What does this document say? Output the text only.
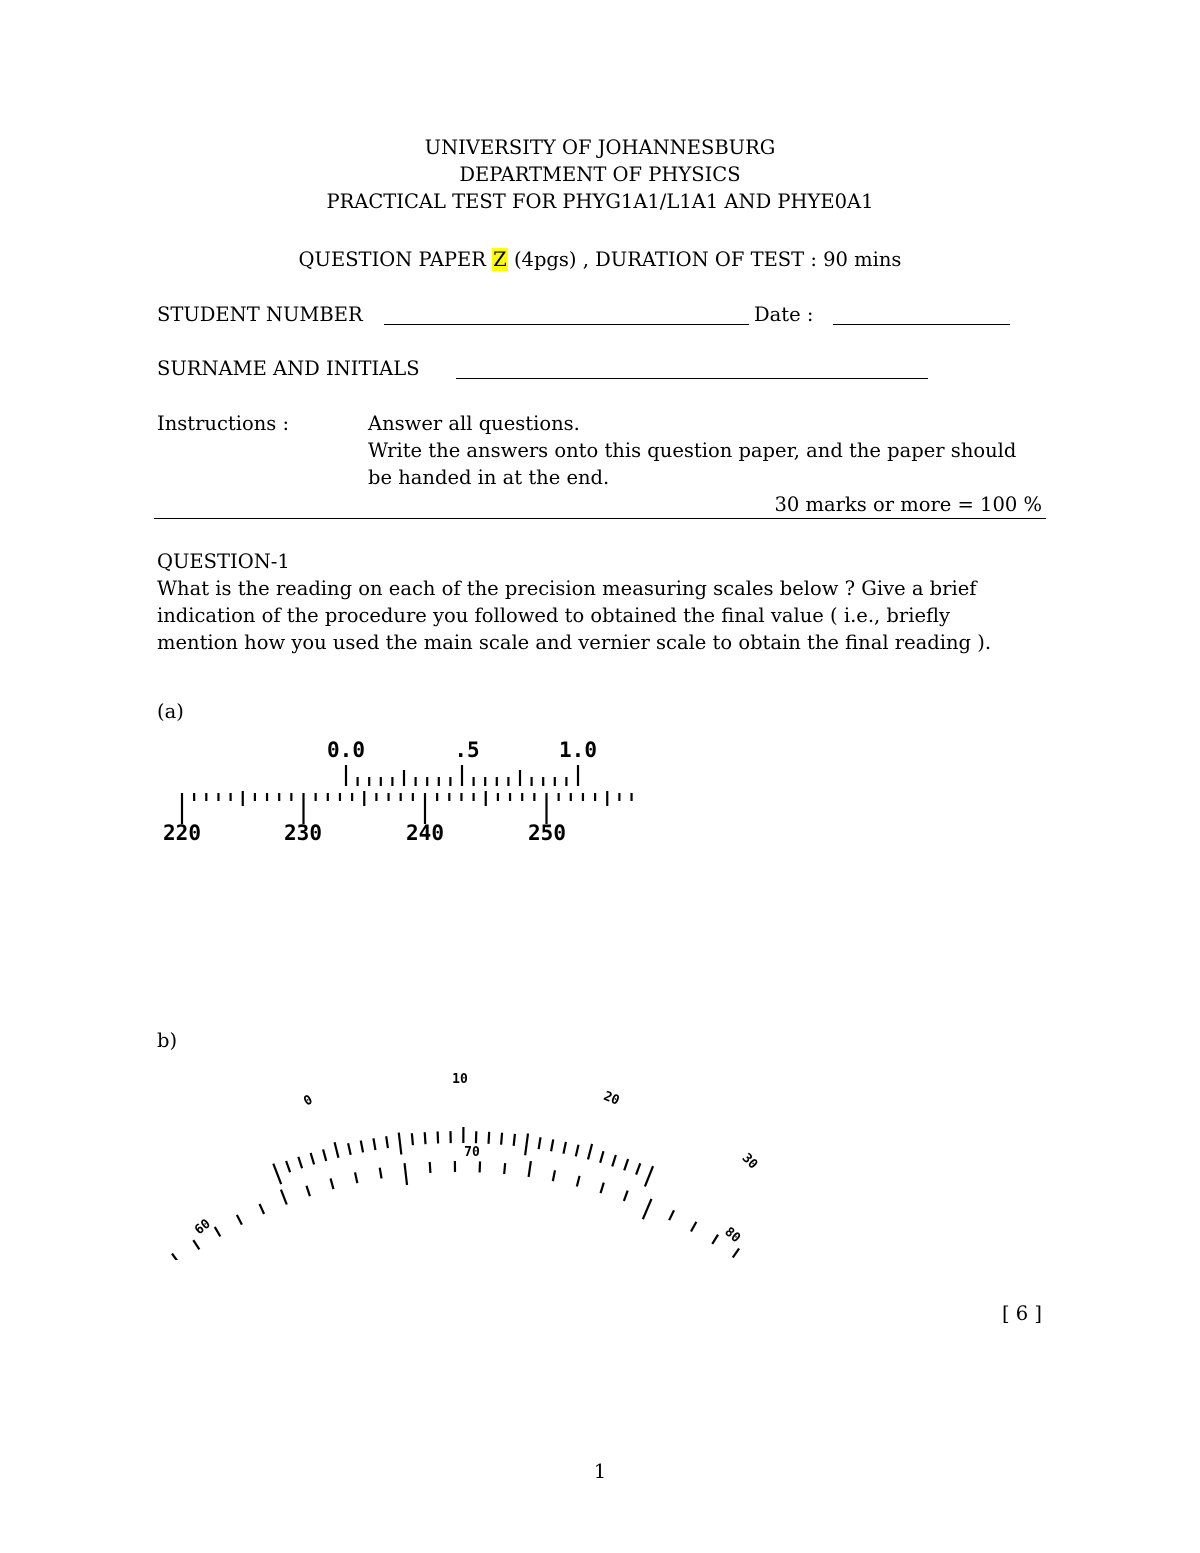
UNIVERSITY OF JOHANNESBURG
DEPARTMENT OF PHYSICS
PRACTICAL TEST FOR PHYG1A1/L1A1 AND PHYE0A1
QUESTION PAPER Z (4pgs) , DURATION OF TEST : 90 mins
STUDENT NUMBER	Date :
SURNAME AND INITIALS
Instructions :	Answer all questions.
Write the answers onto this question paper, and the paper should
be handed in at the end.
30 marks or more = 100 %
QUESTION-1
What is the reading on each of the precision measuring scales below ? Give a brief
indication of the procedure you followed to obtained the final value ( i.e., briefly
mention how you used the main scale and vernier scale to obtain the final reading ).
(a)
0.0	.5	1.0
220	230	240	250
b)
0
10
20
30
60
70
80
[ 6 ]
1
